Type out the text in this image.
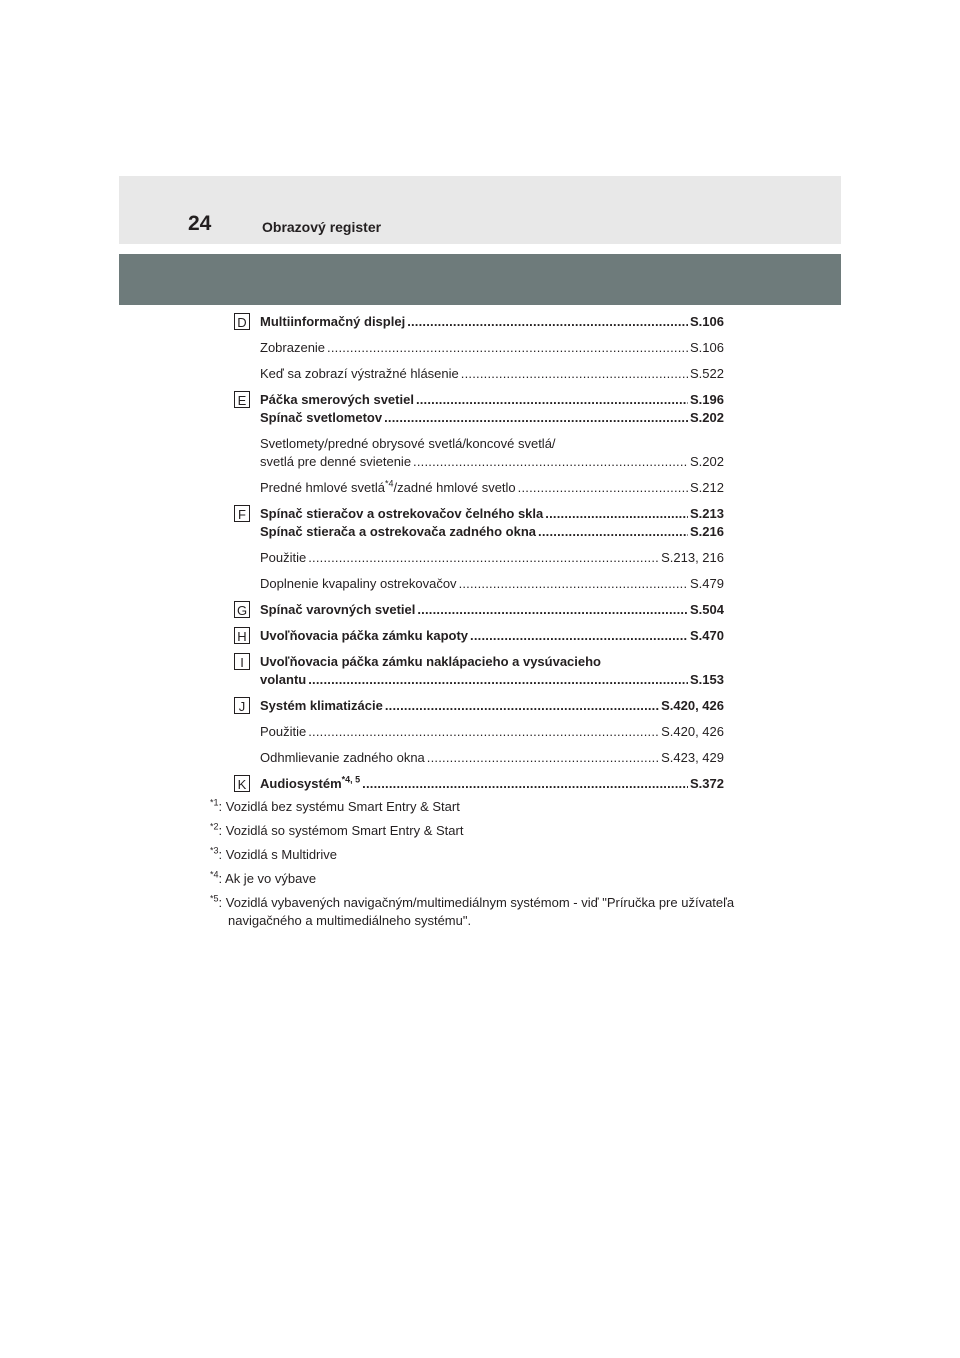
24	Obrazový register
D Multiinformačný displej .....	S.106
Zobrazenie .....	S.106
Keď sa zobrazí výstražné hlásenie .....	S.522
E Páčka smerových svetiel .....	S.196
Spínač svetlometov .....	S.202
Svetlomety/predné obrysové svetlá/koncové svetlá/
svetlá pre denné svietenie .....	S.202
Predné hmlové svetlá$^{*4}$/zadné hmlové svetlo .....	S.212
F	Spínač stieračov a ostrekovačov čelného skla .....	S.213
Spínač stierača a ostrekovača zadného okna .....	S.216
Použitie .....	S.213, 216
Doplnenie kvapaliny ostrekovačov .....	S.479
G Spínač varovných svetiel .....	S.504
H Uvoľňovacia páčka zámku kapoty .....	S.470
I	Uvoľňovacia páčka zámku naklápacieho a vysúvacieho
volantu .....	S.153
J	Systém klimatizácie .....	S.420, 426
Použitie .....	S.420, 426
Odhmlievanie zadného okna .....	S.423, 429
K Audiosystém$^{*4, 5}$ .....	S.372
$^{*1}$: Vozidlá bez systému Smart Entry & Start
$^{*2}$: Vozidlá so systémom Smart Entry & Start
$^{*3}$: Vozidlá s Multidrive
$^{*4}$: Ak je vo výbave
$^{*5}$: Vozidlá vybavených navigačným/multimediálnym systémom - viď "Príručka pre užívateľa navigačného a multimediálneho systému".
